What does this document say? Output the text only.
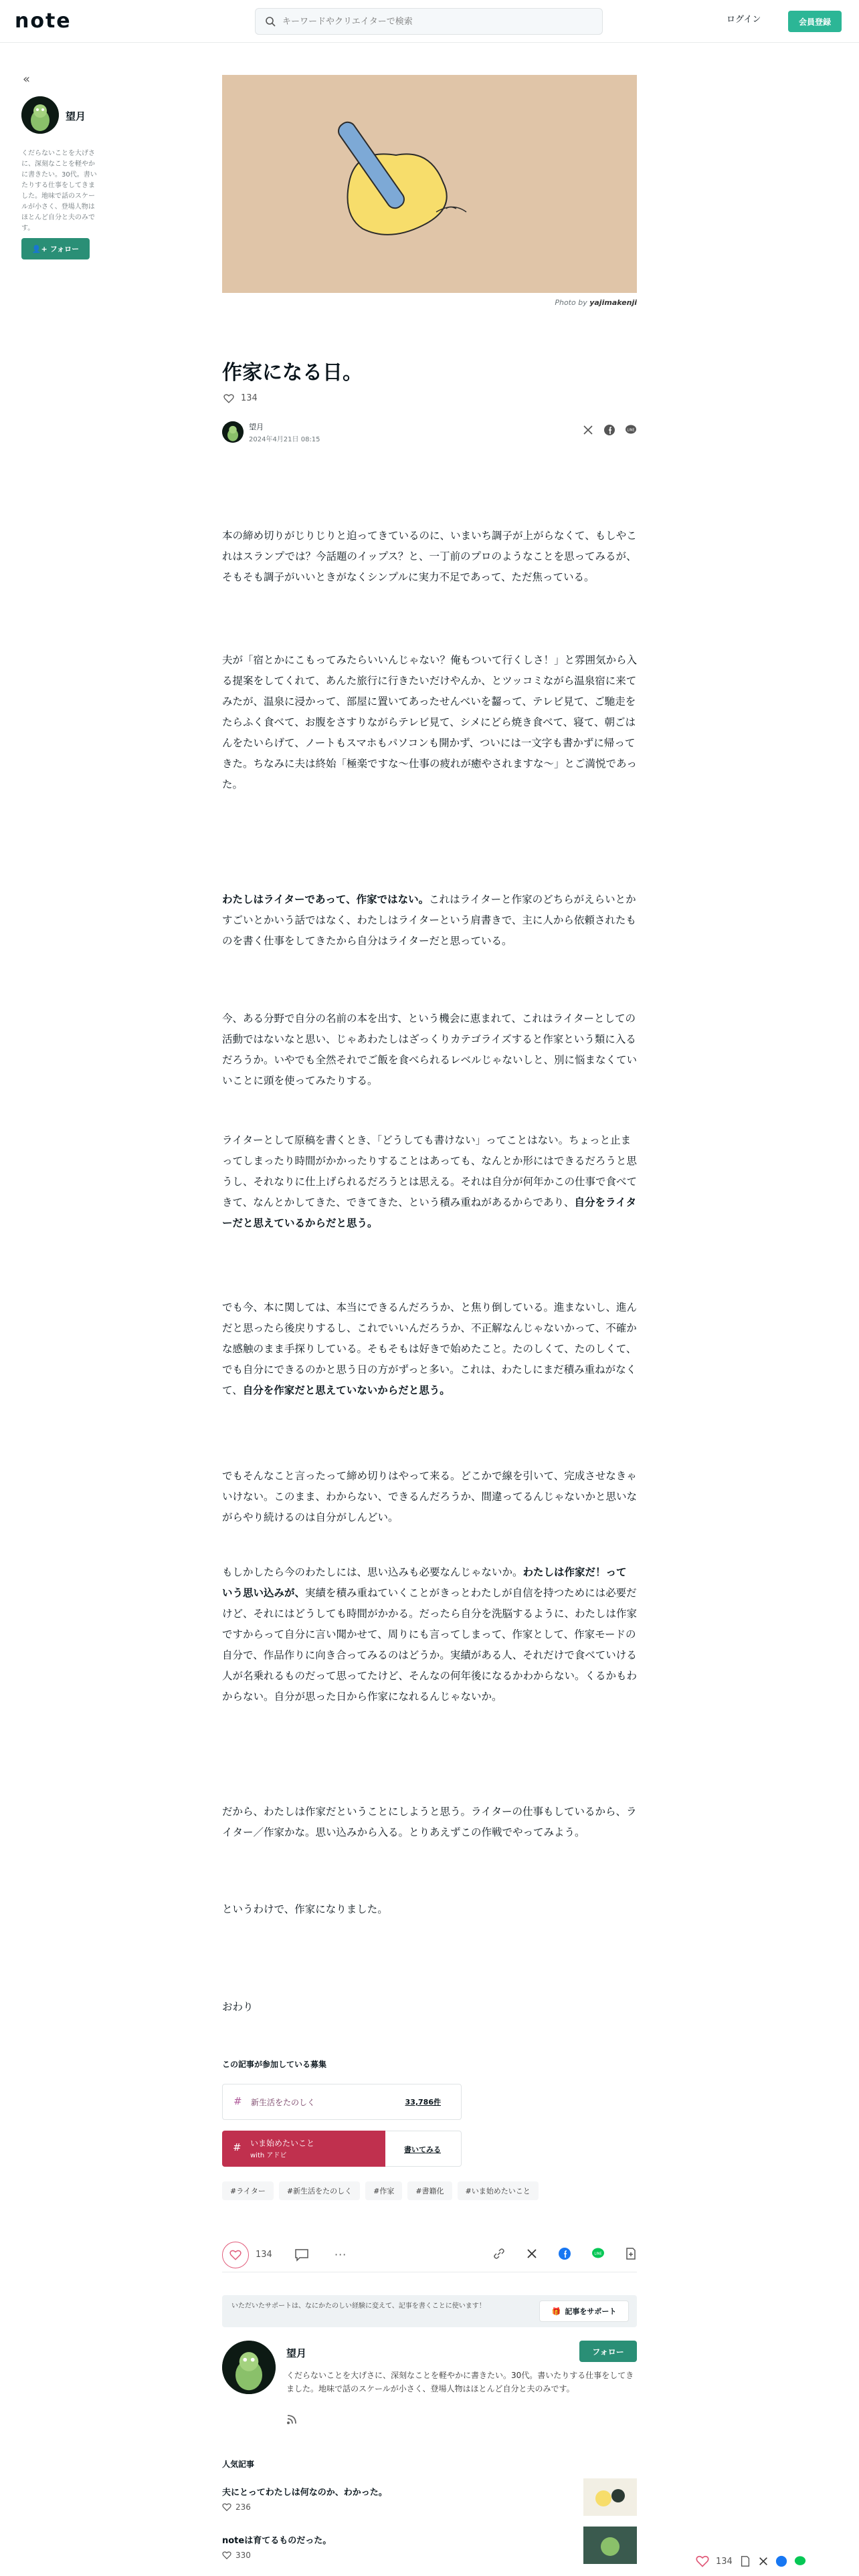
note
キーワードやクリエイターで検索	ログイン	会員登録
«
望月
くだらないことを大げさに、深刻なことを軽やかに書きたい。30代。書いたりする仕事をしてきました。地味で話のスケールが小さく、登場人物はほとんど自分と夫のみです。
👤+ フォロー
Photo by yajimakenji
作家になる日。
134
望月
2024年4月21日 08:15
LINE

本の締め切りがじりじりと迫ってきているのに、いまいち調子が上がらなくて、もしやこれはスランプでは？今話題のイップス？と、一丁前のプロのようなことを思ってみるが、そもそも調子がいいときがなくシンプルに実力不足であって、ただ焦っている。

夫が「宿とかにこもってみたらいいんじゃない？俺もついて行くしさ！」と雰囲気から入る提案をしてくれて、あんた旅行に行きたいだけやんか、とツッコミながら温泉宿に来てみたが、温泉に浸かって、部屋に置いてあったせんべいを齧って、テレビ見て、ご馳走をたらふく食べて、お腹をさすりながらテレビ見て、シメにどら焼き食べて、寝て、朝ごはんをたいらげて、ノートもスマホもパソコンも開かず、ついには一文字も書かずに帰ってきた。ちなみに夫は終始「極楽ですな〜仕事の疲れが癒やされますな〜」とご満悦であった。

わたしはライターであって、作家ではない。これはライターと作家のどちらがえらいとかすごいとかいう話ではなく、わたしはライターという肩書きで、主に人から依頼されたものを書く仕事をしてきたから自分はライターだと思っている。

今、ある分野で自分の名前の本を出す、という機会に恵まれて、これはライターとしての活動ではないなと思い、じゃあわたしはざっくりカテゴライズすると作家という類に入るだろうか。いやでも全然それでご飯を食べられるレベルじゃないしと、別に悩まなくていいことに頭を使ってみたりする。

ライターとして原稿を書くとき、「どうしても書けない」ってことはない。ちょっと止まってしまったり時間がかかったりすることはあっても、なんとか形にはできるだろうと思うし、それなりに仕上げられるだろうとは思える。それは自分が何年かこの仕事で食べてきて、なんとかしてきた、できてきた、という積み重ねがあるからであり、自分をライターだと思えているからだと思う。

でも今、本に関しては、本当にできるんだろうか、と焦り倒している。進まないし、進んだと思ったら後戻りするし、これでいいんだろうか、不正解なんじゃないかって、不確かな感触のまま手探りしている。そもそもは好きで始めたこと。たのしくて、たのしくて、でも自分にできるのかと思う日の方がずっと多い。これは、わたしにまだ積み重ねがなくて、自分を作家だと思えていないからだと思う。

でもそんなこと言ったって締め切りはやって来る。どこかで線を引いて、完成させなきゃいけない。このまま、わからない、できるんだろうか、間違ってるんじゃないかと思いながらやり続けるのは自分がしんどい。

もしかしたら今のわたしには、思い込みも必要なんじゃないか。わたしは作家だ！っていう思い込みが、実績を積み重ねていくことがきっとわたしが自信を持つためには必要だけど、それにはどうしても時間がかかる。だったら自分を洗脳するように、わたしは作家ですからって自分に言い聞かせて、周りにも言ってしまって、作家として、作家モードの自分で、作品作りに向き合ってみるのはどうか。実績がある人、それだけで食べていける人が名乗れるものだって思ってたけど、そんなの何年後になるかわからない。くるかもわからない。自分が思った日から作家になれるんじゃないか。

だから、わたしは作家だということにしようと思う。ライターの仕事もしているから、ライター／作家かな。思い込みから入る。とりあえずこの作戦でやってみよう。

というわけで、作家になりました。

おわり

この記事が参加している募集
# 新生活をたのしく	33,786件
# いま始めたいこと
with アドビ
書いてみる
#ライター	#新生活をたのしく	#作家	#書籍化	#いま始めたいこと
134	···	LINE
いただいたサポートは、なにかたのしい経験に変えて、記事を書くことに使います！
🎁 記事をサポート
望月	フォロー
くだらないことを大げさに、深刻なことを軽やかに書きたい。30代。書いたりする仕事をしてきました。地味で話のスケールが小さく、登場人物はほとんど自分と夫のみです。
人気記事
夫にとってわたしは何なのか、わかった。
236
noteは育てるものだった。
330
134
